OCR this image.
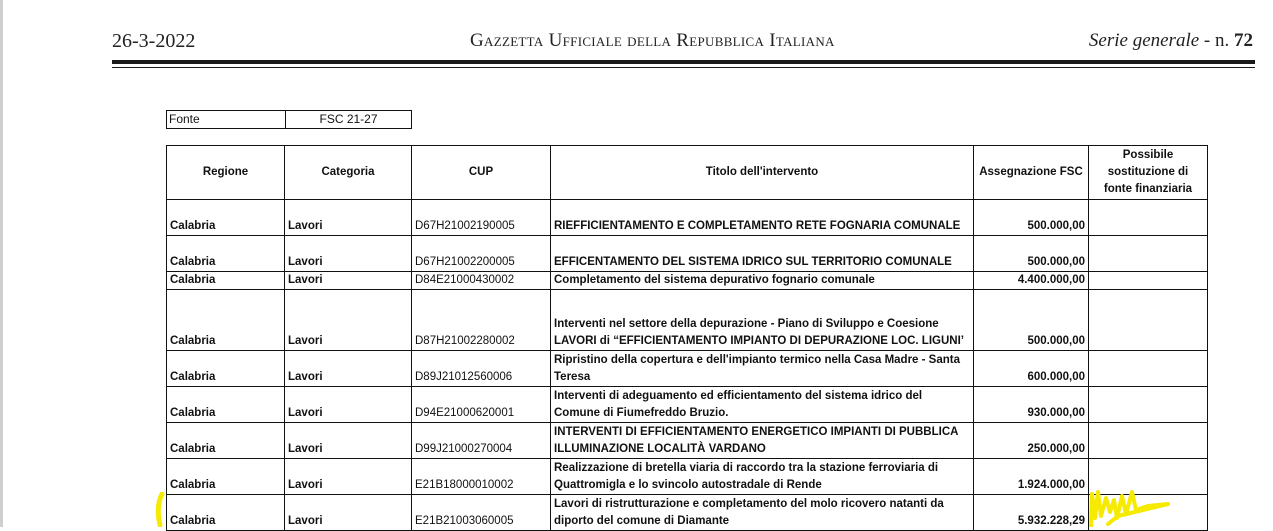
26-3-2022	Gazzetta Ufficiale della Repubblica Italiana	Serie generale - n. 72
Fonte	FSC 21-27
Regione	Categoria	CUP	Titolo dell'intervento	Assegnazione FSC	Possibile sostituzione di fonte finanziaria
Calabria	Lavori	D67H21002190005	RIEFFICIENTAMENTO E COMPLETAMENTO RETE FOGNARIA COMUNALE	500.000,00	
Calabria	Lavori	D67H21002200005	EFFICENTAMENTO DEL SISTEMA IDRICO SUL TERRITORIO COMUNALE	500.000,00	
Calabria	Lavori	D84E21000430002	Completamento del sistema depurativo fognario comunale	4.400.000,00	
Calabria	Lavori	D87H21002280002	Interventi nel settore della depurazione - Piano di Sviluppo e Coesione LAVORI di “EFFICIENTAMENTO IMPIANTO DI DEPURAZIONE LOC. LIGUNI’	500.000,00	
Calabria	Lavori	D89J21012560006	Ripristino della copertura e dell'impianto termico nella Casa Madre - Santa Teresa	600.000,00	
Calabria	Lavori	D94E21000620001	Interventi di adeguamento ed efficientamento del sistema idrico del Comune di Fiumefreddo Bruzio.	930.000,00	
Calabria	Lavori	D99J21000270004	INTERVENTI DI EFFICIENTAMENTO ENERGETICO IMPIANTI DI PUBBLICA ILLUMINAZIONE LOCALITÀ VARDANO	250.000,00	
Calabria	Lavori	E21B18000010002	Realizzazione di bretella viaria di raccordo tra la stazione ferroviaria di Quattromigla e lo svincolo autostradale di Rende	1.924.000,00	
Calabria	Lavori	E21B21003060005	Lavori di ristrutturazione e completamento del molo ricovero natanti da diporto del comune di Diamante	5.932.228,29	
